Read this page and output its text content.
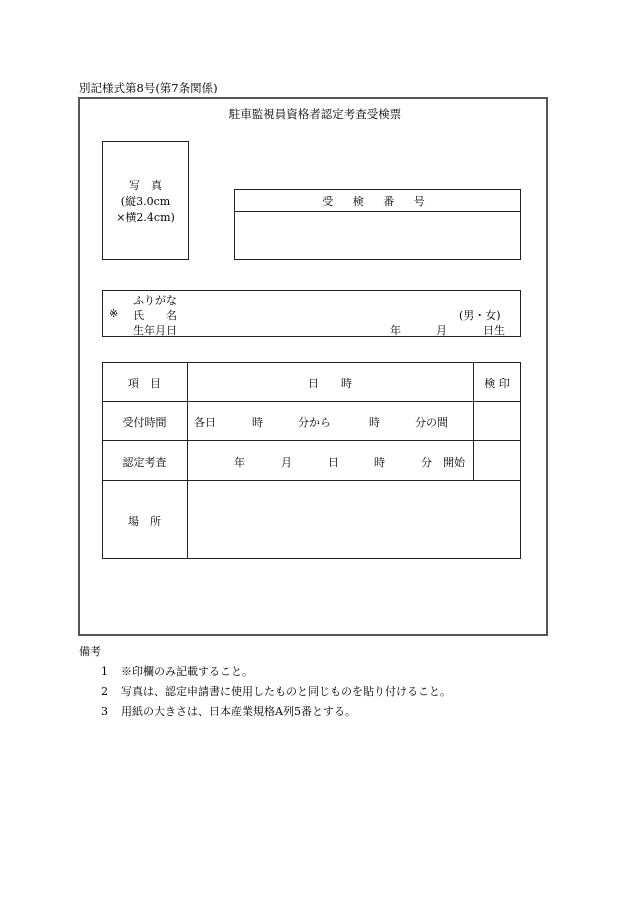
別記様式第8号(第7条関係)
駐車監視員資格者認定考査受検票
写　真
(縦3.0cm
×横2.4cm)
受 検 番 号
ふりがな
※ 氏　　名	(男・女)
生年月日	年	月	日生
項　目	日　　時	検 印
受付時間	各日	時	分から	時	分の間
認定考査	年	月	日	時	分 開始
場　所
備考
1 ※印欄のみ記載すること。
2 写真は、認定申請書に使用したものと同じものを貼り付けること。
3 用紙の大きさは、日本産業規格A列5番とする。
